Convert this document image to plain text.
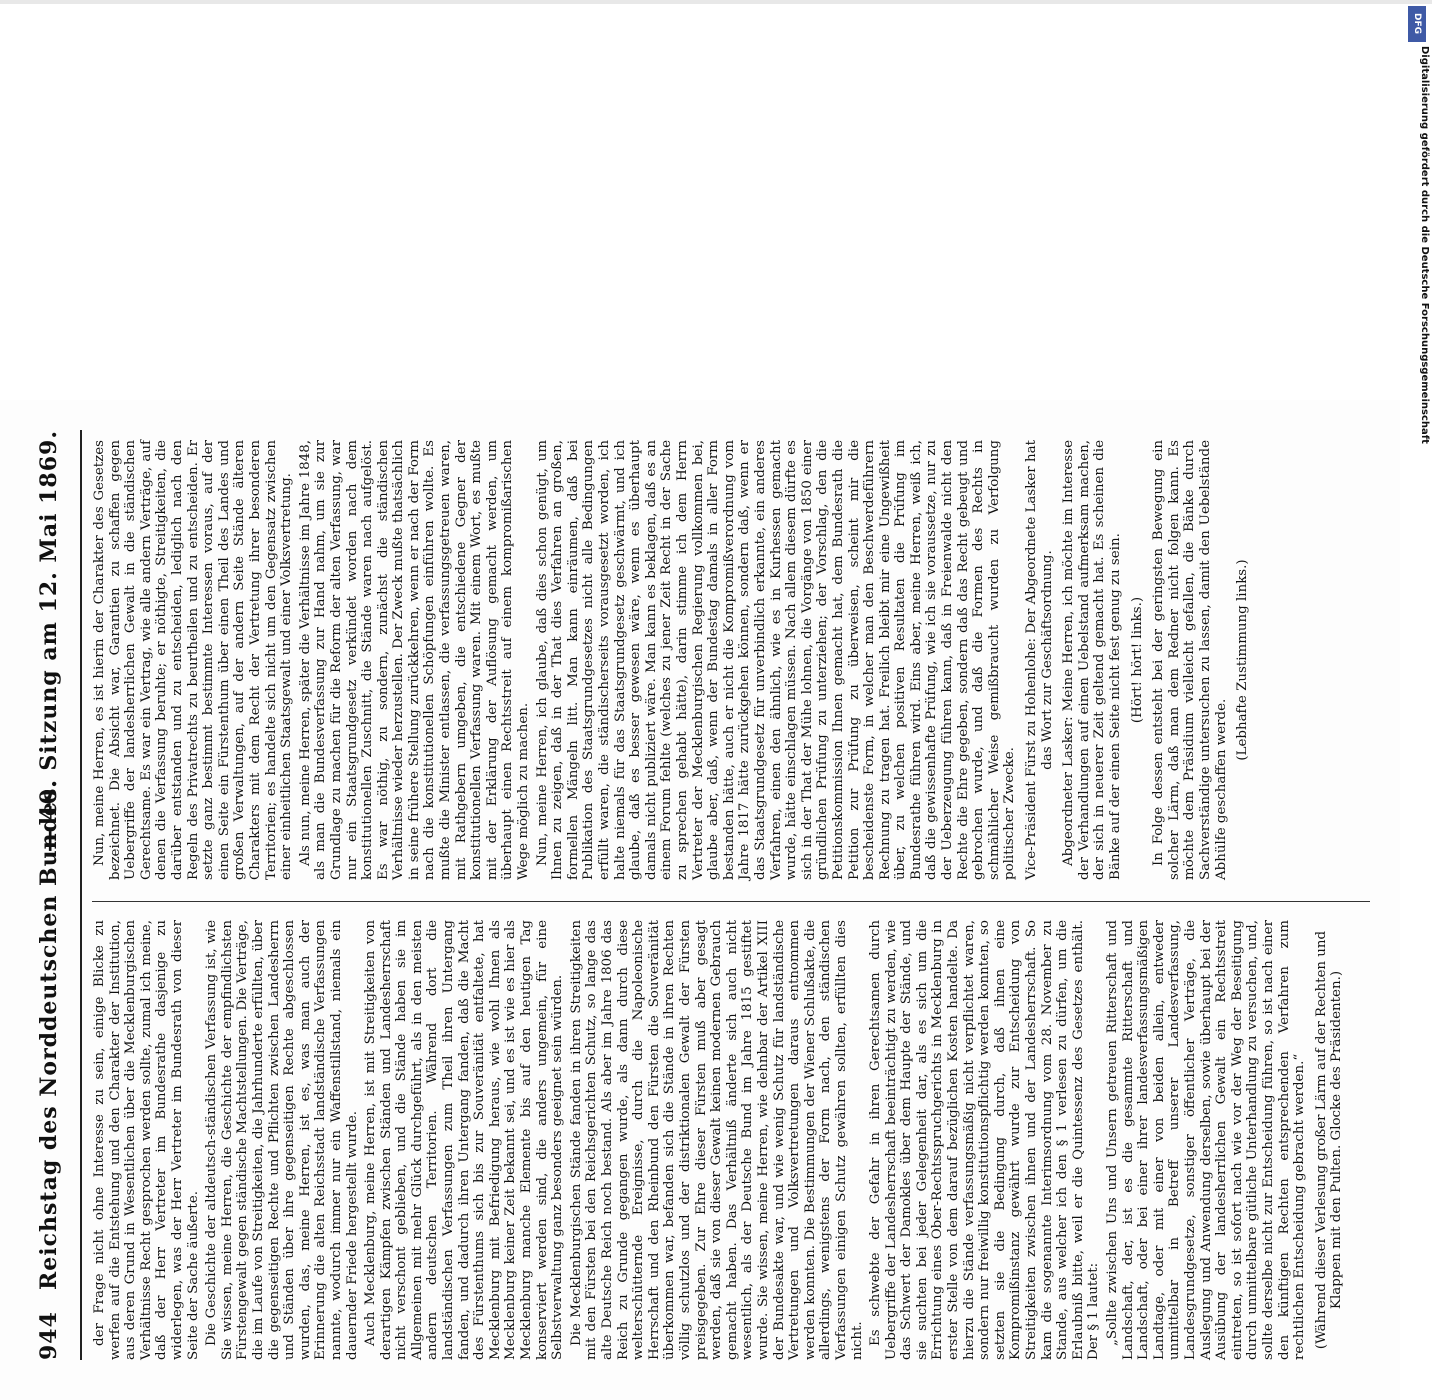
944
Reichstag des Norddeutschen Bundes.
— 40. Sitzung am 12. Mai 1869.

der Frage nicht ohne Interesse zu sein, einige Blicke zu werfen auf die Entstehung und den Charakter der Institution, aus deren Grund in Wesentlichen über die Mecklenburgischen Verhältnisse Recht gesprochen werden sollte, zumal ich meine, daß der Herr Vertreter im Bundesrathe dasjenige zu widerlegen, was der Herr Vertreter im Bundesrath von dieser Seite der Sache äußerte. Die Geschichte der altdeutsch-ständischen Verfassung ist, wie Sie wissen, meine Herren, die Geschichte der empfindlichsten Fürstengewalt gegen ständische Machtstellungen. Die Verträge, die im Laufe von Streitigkeiten, die Jahrhunderte erfüllten, über die gegenseitigen Rechte und Pflichten zwischen Landesherrn und Ständen über ihre gegenseitigen Rechte abgeschlossen wurden, das, meine Herren, ist es, was man auch der Erinnerung die alten Reichsstadt landständische Verfassungen nannte, wodurch immer nur ein Waffenstillstand, niemals ein dauernder Friede hergestellt wurde. Auch Mecklenburg, meine Herren, ist mit Streitigkeiten von derartigen Kämpfen zwischen Ständen und Landesherrschaft nicht verschont geblieben, und die Stände haben sie im Allgemeinen mit mehr Glück durchgeführt, als in den meisten andern deutschen Territorien. Während dort die landständischen Verfassungen zum Theil ihren Untergang fanden, und dadurch ihren Untergang fanden, daß die Macht des Fürstenthums sich bis zur Souveränität entfaltete, hat Mecklenburg mit Befriedigung heraus, wie wohl Ihnen als Mecklenburg keiner Zeit bekannt sei, und es ist wie es hier als Mecklenburg manche Elemente bis auf den heutigen Tag konserviert werden sind, die anders ungemein, für eine Selbstverwaltung ganz besonders geeignet sein würden. Die Mecklenburgischen Stände fanden in ihren Streitigkeiten mit den Fürsten bei den Reichsgerichten Schutz, so lange das alte Deutsche Reich noch bestand. Als aber im Jahre 1806 das Reich zu Grunde gegangen wurde, als dann durch diese welterschütternde Ereignisse, durch die Napoleonische Herrschaft und den Rheinbund den Fürsten die Souveränität überkommen war, befanden sich die Stände in ihren Rechten völlig schutzlos und der distriktionalen Gewalt der Fürsten preisgegeben. Zur Ehre dieser Fürsten muß aber gesagt werden, daß sie von dieser Gewalt keinen modernen Gebrauch gemacht haben. Das Verhältniß änderte sich auch nicht wesentlich, als der Deutsche Bund im Jahre 1815 gestiftet wurde. Sie wissen, meine Herren, wie dehnbar der Artikel XIII der Bundesakte war, und wie wenig Schutz für landständische Vertretungen und Volksvertretungen daraus entnommen werden konnten. Die Bestimmungen der Wiener Schlußakte, die allerdings, wenigstens der Form nach, den ständischen Verfassungen einigen Schutz gewähren sollten, erfüllten dies nicht. Es schwebte der Gefahr in ihren Gerechtsamen durch Uebergriffe der Landesherrschaft beeinträchtigt zu werden, wie das Schwert der Damokles über dem Haupte der Stände, und sie suchten bei jeder Gelegenheit dar, als es sich um die Errichtung eines Ober-Rechtsspruchgerichts in Mecklenburg in erster Stelle von dem darauf bezüglichen Kosten handelte. Da hierzu die Stände verfassungsmäßig nicht verpflichtet waren, sondern nur freiwillig konstitutionspflichtig werden konnten, so setzten sie die Bedingung durch, daß ihnen eine Kompromißinstanz gewährt wurde zur Entscheidung von Streitigkeiten zwischen ihnen und der Landesherrschaft. So kam die sogenannte Interimsordnung vom 28. November zu Stande, aus welcher ich den § 1 verlesen zu dürfen, um die Erlaubniß bitte, weil er die Quintessenz des Gesetzes enthält. Der § 1 lautet: „Sollte zwischen Uns und Unsern getreuen Ritterschaft und Landschaft, der, ist es die gesammte Ritterschaft und Landschaft, oder bei einer ihrer landesverfassungsmäßigen Landtage, oder mit einer von beiden allein, entweder unmittelbar in Betreff unserer Landesverfassung, Landesgrundgesetze, sonstiger öffentlicher Verträge, die Auslegung und Anwendung derselben, sowie überhaupt bei der Ausübung der landesherrlichen Gewalt ein Rechtsstreit eintreten, so ist sofort nach wie vor der Weg der Beseitigung durch unmittelbare gütliche Unterhandlung zu versuchen, und, sollte derselbe nicht zur Entscheidung führen, so ist nach einer den künftigen Rechten entsprechenden Verfahren zum rechtlichen Entscheidung gebracht werden.“ (Während dieser Verlesung großer Lärm auf der Rechten und Klappen mit den Pulten. Glocke des Präsidenten.)

Nun, meine Herren, es ist hierin der Charakter des Gesetzes bezeichnet. Die Absicht war, Garantien zu schaffen gegen Uebergriffe der landesherrlichen Gewalt in die ständischen Gerechtsame. Es war ein Vertrag, wie alle andern Verträge, auf denen die Verfassung beruhte; er nöthigte, Streitigkeiten, die darüber entstanden und zu entscheiden, lediglich nach den Regeln des Privatrechts zu beurtheilen und zu entscheiden. Er setzte ganz bestimmt bestimmte Interessen voraus, auf der einen Seite ein Fürstenthum über einen Theil des Landes und großen Verwaltungen, auf der andern Seite Stände älteren Charakters mit dem Recht der Vertretung ihrer besonderen Territorien; es handelte sich nicht um den Gegensatz zwischen einer einheitlichen Staatsgewalt und einer Volksvertretung. Als nun, meine Herren, später die Verhältnisse im Jahre 1848, als man die Bundesverfassung zur Hand nahm, um sie zur Grundlage zu machen für die Reform der alten Verfassung, war nur ein Staatsgrundgesetz verkündet worden nach dem konstitutionellen Zuschnitt, die Stände waren nach aufgelöst. Es war nöthig, zu sondern, zunächst die ständischen Verhältnisse wieder herzustellen. Der Zweck mußte thatsächlich in seine frühere Stellung zurückkehren, wenn er nach der Form nach die konstitutionellen Schöpfungen einführen wollte. Es mußte die Minister entlassen, die verfassungsgetreuen waren, mit Rathgebern umgeben, die entschiedene Gegner der konstitutionellen Verfassung waren. Mit einem Wort, es mußte mit der Erklärung der Auflösung gemacht werden, um überhaupt einen Rechtsstreit auf einem kompromißarischen Wege möglich zu machen. Nun, meine Herren, ich glaube, daß dies schon genügt, um Ihnen zu zeigen, daß in der That dies Verfahren an großen, formellen Mängeln litt. Man kann einräumen, daß bei Publikation des Staatsgrundgesetzes nicht alle Bedingungen erfüllt waren, die ständischerseits vorausgesetzt worden, ich halte niemals für das Staatsgrundgesetz geschwärmt, und ich glaube, daß es besser gewesen wäre, wenn es überhaupt damals nicht publiziert wäre. Man kann es beklagen, daß es an einem Forum fehlte (welches zu jener Zeit Recht in der Sache zu sprechen gehabt hätte), darin stimme ich dem Herrn Vertreter der Mecklenburgischen Regierung vollkommen bei, glaube aber, daß, wenn der Bundestag damals in aller Form bestanden hätte, auch er nicht die Kompromißverordnung vom Jahre 1817 hätte zurückgehen können, sondern daß, wenn er das Staatsgrundgesetz für unverbindlich erkannte, ein anderes Verfahren, einen den ähnlich, wie es in Kurhessen gemacht wurde, hätte einschlagen müssen. Nach allem diesem dürfte es sich in der That der Mühe lohnen, die Vorgänge von 1850 einer gründlichen Prüfung zu unterziehen; der Vorschlag, den die Petitionskommission Ihnen gemacht hat, dem Bundesrath die Petition zur Prüfung zu überweisen, scheint mir die bescheidenste Form, in welcher man den Beschwerdeführern Rechnung zu tragen hat. Freilich bleibt mir eine Ungewißheit über, zu welchen positiven Resultaten die Prüfung im Bundesrathe führen wird. Eins aber, meine Herren, weiß ich, daß die gewissenhafte Prüfung, wie ich sie voraussetze, nur zu der Ueberzeugung führen kann, daß in Freienwalde nicht den Rechte die Ehre gegeben, sondern daß das Recht gebeugt und gebrochen wurde, und daß die Formen des Rechts in schmählicher Weise gemißbraucht wurden zu Verfolgung politischer Zwecke. Vice-Präsident Fürst zu Hohenlohe: Der Abgeordnete Lasker hat das Wort zur Geschäftsordnung. Abgeordneter Lasker: Meine Herren, ich möchte im Interesse der Verhandlungen auf einen Uebelstand aufmerksam machen, der sich in neuerer Zeit geltend gemacht hat. Es scheinen die Bänke auf der einen Seite nicht fest genug zu sein. (Hört! hört! links.) In Folge dessen entsteht bei der geringsten Bewegung ein solcher Lärm, daß man dem Redner nicht folgen kann. Es möchte dem Präsidium vielleicht gefallen, die Bänke durch Sachverständige untersuchen zu lassen, damit den Uebelstände Abhülfe geschaffen werde.

(Lebhafte Zustimmung links.)

DFG
Digitalisierung gefördert durch die Deutsche Forschungsgemeinschaft
